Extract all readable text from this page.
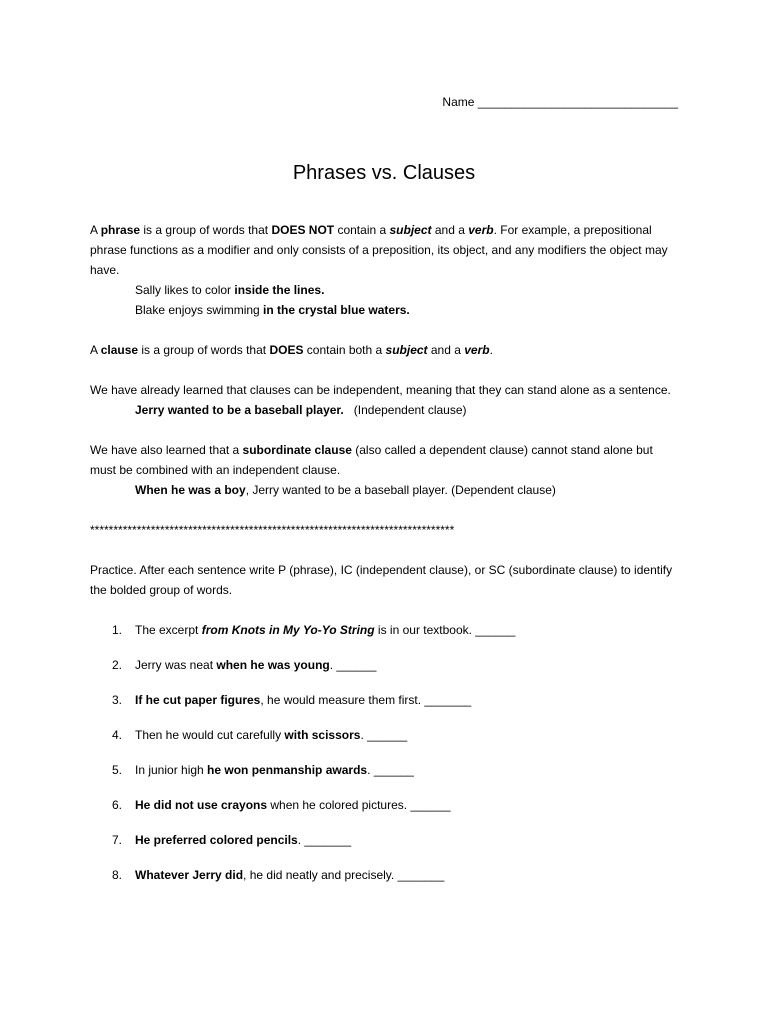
Name ______________________________
Phrases vs. Clauses

A phrase is a group of words that DOES NOT contain a subject and a verb. For example, a prepositional phrase functions as a modifier and only consists of a preposition, its object, and any modifiers the object may have.

Sally likes to color inside the lines.

Blake enjoys swimming in the crystal blue waters.

A clause is a group of words that DOES contain both a subject and a verb.

We have already learned that clauses can be independent, meaning that they can stand alone as a sentence.

Jerry wanted to be a baseball player.   (Independent clause)

We have also learned that a subordinate clause (also called a dependent clause) cannot stand alone but must be combined with an independent clause.

When he was a boy, Jerry wanted to be a baseball player. (Dependent clause)

******************************************************************************

Practice. After each sentence write P (phrase), IC (independent clause), or SC (subordinate clause) to identify the bolded group of words.

1.	The excerpt from Knots in My Yo-Yo String is in our textbook. ______
2.	Jerry was neat when he was young. ______
3.	If he cut paper figures, he would measure them first. _______
4.	Then he would cut carefully with scissors. ______
5.	In junior high he won penmanship awards. ______
6.	He did not use crayons when he colored pictures. ______
7.	He preferred colored pencils. _______
8.	Whatever Jerry did, he did neatly and precisely. _______
